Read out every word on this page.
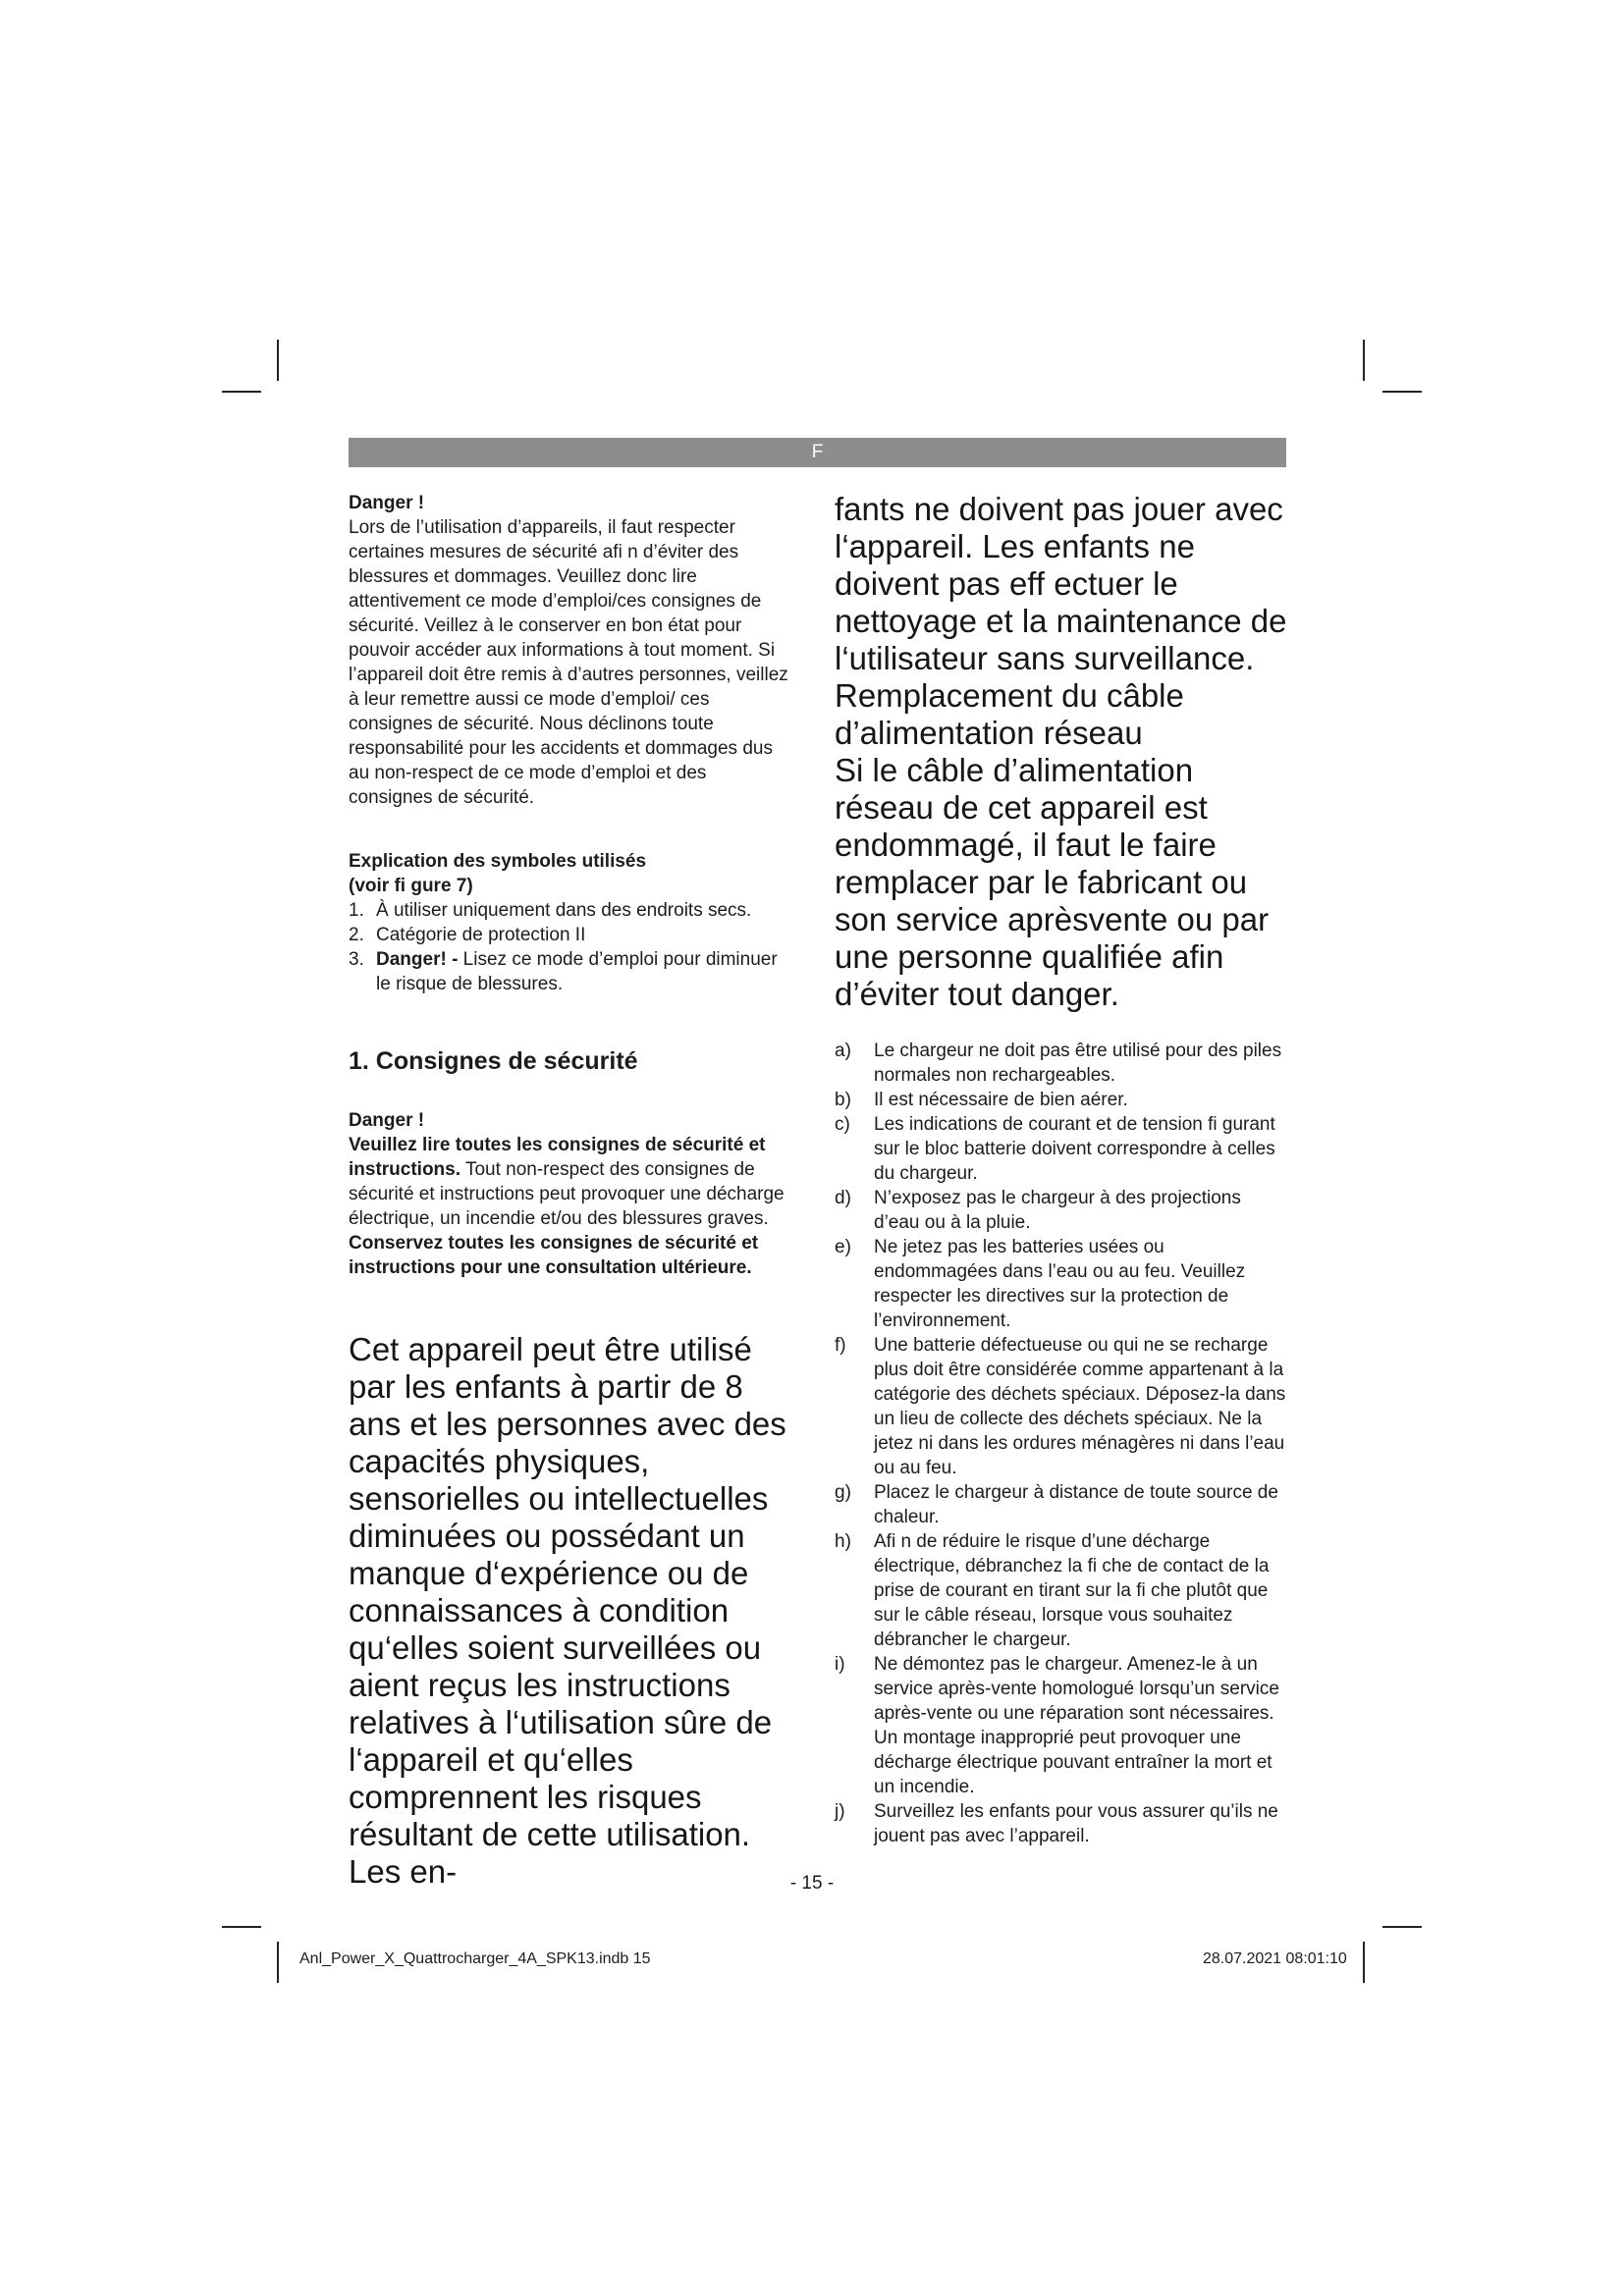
F

Danger !

Lors de l’utilisation d’appareils, il faut respecter certaines mesures de sécurité afi n d’éviter des blessures et dommages. Veuillez donc lire attentivement ce mode d’emploi/ces consignes de sécurité. Veillez à le conserver en bon état pour pouvoir accéder aux informations à tout moment. Si l’appareil doit être remis à d’autres personnes, veillez à leur remettre aussi ce mode d’emploi/ ces consignes de sécurité. Nous déclinons toute responsabilité pour les accidents et dommages dus au non-respect de ce mode d’emploi et des consignes de sécurité.

Explication des symboles utilisés
(voir fi gure 7)

1. À utiliser uniquement dans des endroits secs.
2. Catégorie de protection II
3. Danger! - Lisez ce mode d’emploi pour diminuer le risque de blessures.
1. Consignes de sécurité

Danger !

Veuillez lire toutes les consignes de sécurité et instructions. Tout non-respect des consignes de sécurité et instructions peut provoquer une décharge électrique, un incendie et/ou des blessures graves.

Conservez toutes les consignes de sécurité et instructions pour une consultation ultérieure.

Cet appareil peut être utilisé par les enfants à partir de 8 ans et les personnes avec des capacités physiques, sensorielles ou intellectuelles diminuées ou possédant un manque d‘expérience ou de connaissances à condition qu‘elles soient surveillées ou aient reçus les instructions relatives à l‘utilisation sûre de l‘appareil et qu‘elles comprennent les risques résultant de cette utilisation. Les en-

fants ne doivent pas jouer avec l‘appareil. Les enfants ne doivent pas eff ectuer le nettoyage et la maintenance de l‘utilisateur sans surveillance.

Remplacement du câble d’alimentation réseau

Si le câble d’alimentation réseau de cet appareil est endommagé, il faut le faire remplacer par le fabricant ou son service aprèsvente ou par une personne qualifiée afin d’éviter tout danger.

a) Le chargeur ne doit pas être utilisé pour des piles normales non rechargeables.
b) Il est nécessaire de bien aérer.
c) Les indications de courant et de tension fi gurant sur le bloc batterie doivent correspondre à celles du chargeur.
d) N’exposez pas le chargeur à des projections d’eau ou à la pluie.
e) Ne jetez pas les batteries usées ou endommagées dans l’eau ou au feu. Veuillez respecter les directives sur la protection de l’environnement.
f) Une batterie défectueuse ou qui ne se recharge plus doit être considérée comme appartenant à la catégorie des déchets spéciaux. Déposez-la dans un lieu de collecte des déchets spéciaux. Ne la jetez ni dans les ordures ménagères ni dans l’eau ou au feu.
g) Placez le chargeur à distance de toute source de chaleur.
h) Afi n de réduire le risque d’une décharge électrique, débranchez la fi che de contact de la prise de courant en tirant sur la fi che plutôt que sur le câble réseau, lorsque vous souhaitez débrancher le chargeur.
i) Ne démontez pas le chargeur. Amenez-le à un service après-vente homologué lorsqu’un service après-vente ou une réparation sont nécessaires. Un montage inapproprié peut provoquer une décharge électrique pouvant entraîner la mort et un incendie.
j) Surveillez les enfants pour vous assurer qu’ils ne jouent pas avec l’appareil.
- 15 -
Anl_Power_X_Quattrocharger_4A_SPK13.indb 15	28.07.2021 08:01:10
